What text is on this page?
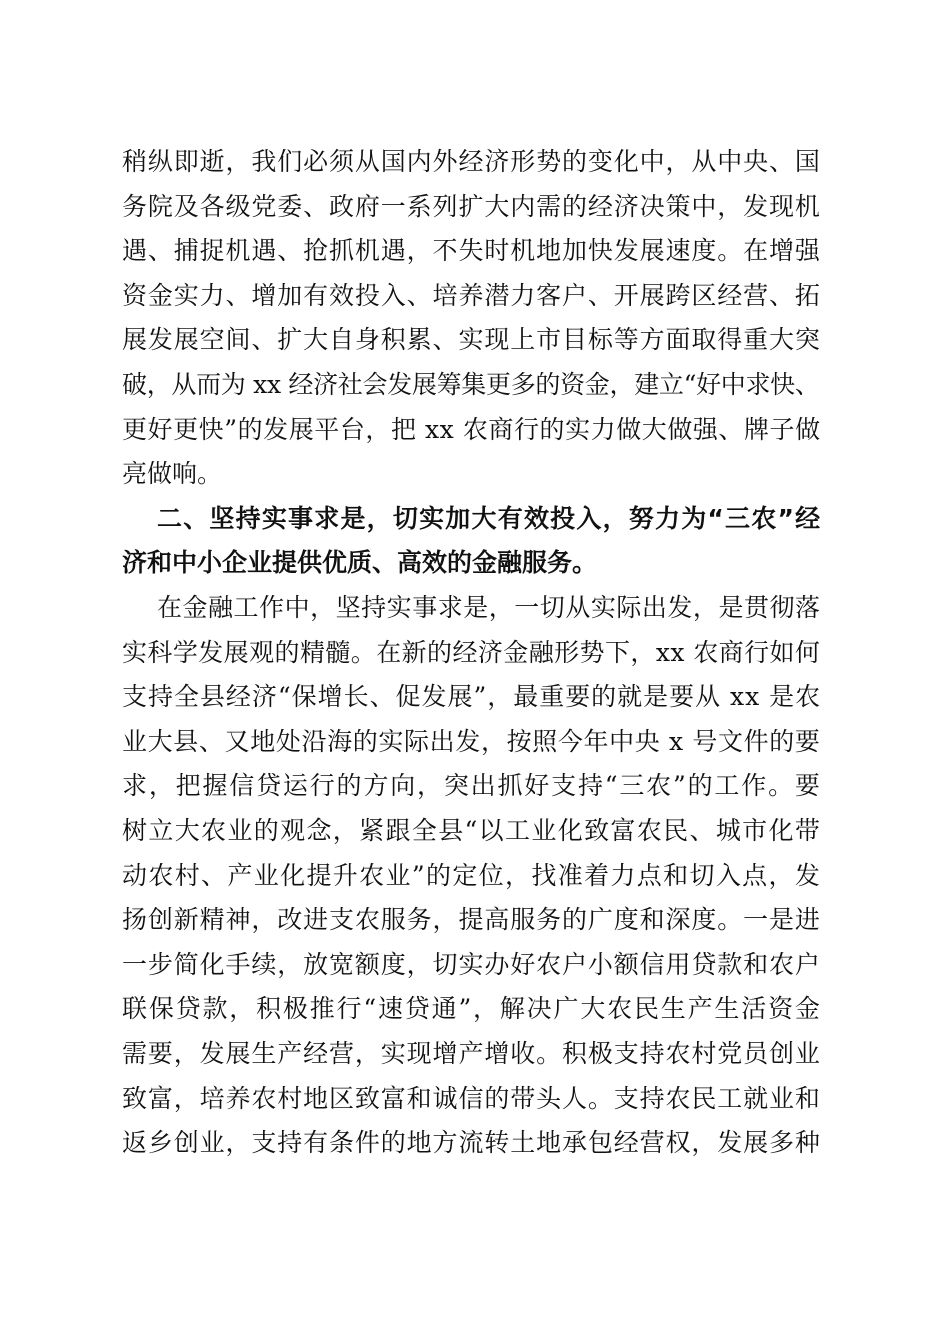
稍纵即逝，我们必须从国内外经济形势的变化中，从中央、国
务院及各级党委、政府一系列扩大内需的经济决策中，发现机
遇、捕捉机遇、抢抓机遇，不失时机地加快发展速度。在增强
资金实力、增加有效投入、培养潜力客户、开展跨区经营、拓
展发展空间、扩大自身积累、实现上市目标等方面取得重大突
破，从而为 xx 经济社会发展筹集更多的资金，建立“好中求快、
更好更快”的发展平台，把 xx 农商行的实力做大做强、牌子做
亮做响。
二、坚持实事求是，切实加大有效投入，努力为“三农”经
济和中小企业提供优质、高效的金融服务。
在金融工作中，坚持实事求是，一切从实际出发，是贯彻落
实科学发展观的精髓。在新的经济金融形势下，xx 农商行如何
支持全县经济“保增长、促发展”，最重要的就是要从 xx 是农
业大县、又地处沿海的实际出发，按照今年中央 x 号文件的要
求，把握信贷运行的方向，突出抓好支持“三农”的工作。要
树立大农业的观念，紧跟全县“以工业化致富农民、城市化带
动农村、产业化提升农业”的定位，找准着力点和切入点，发
扬创新精神，改进支农服务，提高服务的广度和深度。一是进
一步简化手续，放宽额度，切实办好农户小额信用贷款和农户
联保贷款，积极推行“速贷通”，解决广大农民生产生活资金
需要，发展生产经营，实现增产增收。积极支持农村党员创业
致富，培养农村地区致富和诚信的带头人。支持农民工就业和
返乡创业，支持有条件的地方流转土地承包经营权，发展多种
